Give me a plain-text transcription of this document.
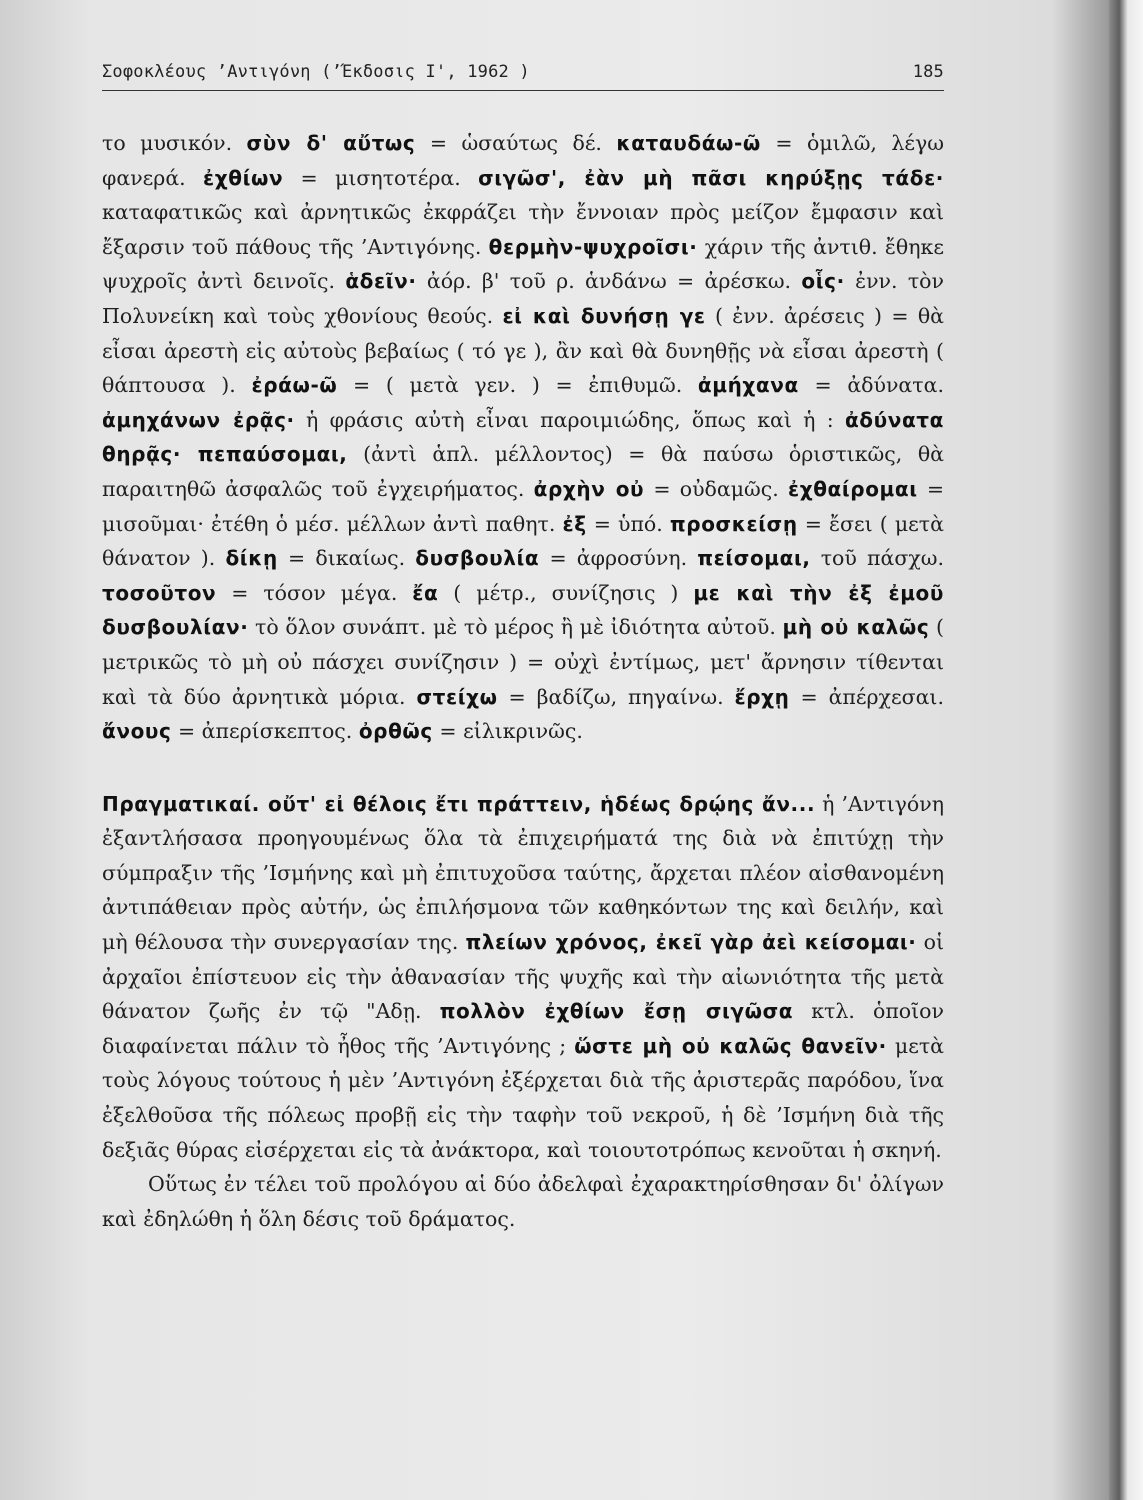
Σοφοκλέους ’Αντιγόνη (’Έκδοσις Ι', 1962 )	185

το μυσικόν. σὺν δ' αὔτως = ὡσαύτως δέ. καταυδάω-ῶ = ὁμιλῶ, λέγω φανερά. ἐχθίων = μισητοτέρα. σιγῶσ', ἐὰν μὴ πᾶσι κηρύξῃς τάδε· καταφατικῶς καὶ ἀρνητικῶς ἐκφράζει τὴν ἔννοιαν πρὸς μείζον ἔμφασιν καὶ ἔξαρσιν τοῦ πάθους τῆς ’Αντιγόνης. θερμὴν-ψυχροῖσι· χάριν τῆς ἀντιθ. ἔθηκε ψυχροῖς ἀντὶ δεινοῖς. ἁδεῖν· ἀόρ. β' τοῦ ρ. ἁνδάνω = ἀρέσκω. οἷς· ἐνν. τὸν Πολυνείκη καὶ τοὺς χθονίους θεούς. εἰ καὶ δυνήσῃ γε ( ἐνν. ἀρέσεις ) = θὰ εἶσαι ἀρεστὴ εἰς αὐτοὺς βεβαίως ( τό γε ), ἂν καὶ θὰ δυνηθῇς νὰ εἶσαι ἀρεστὴ ( θάπτουσα ). ἐράω-ῶ = ( μετὰ γεν. ) = ἐπιθυμῶ. ἀμήχανα = ἀδύνατα. ἀμηχάνων ἐρᾷς· ἡ φράσις αὐτὴ εἶναι παροιμιώδης, ὅπως καὶ ἡ : ἀδύνατα θηρᾷς· πεπαύσομαι, (ἀντὶ ἁπλ. μέλλοντος) = θὰ παύσω ὁριστικῶς, θὰ παραιτηθῶ ἀσφαλῶς τοῦ ἐγχειρήματος. ἀρχὴν οὐ = οὐδαμῶς. ἐχθαίρομαι = μισοῦμαι· ἐτέθη ὁ μέσ. μέλλων ἀντὶ παθητ. ἐξ = ὑπό. προσκείσῃ = ἔσει ( μετὰ θάνατον ). δίκῃ = δικαίως. δυσβουλία = ἀφροσύνη. πείσομαι, τοῦ πάσχω. τοσοῦτον = τόσον μέγα. ἔα ( μέτρ., συνίζησις ) με καὶ τὴν ἐξ ἐμοῦ δυσβουλίαν· τὸ ὅλον συνάπτ. μὲ τὸ μέρος ἢ μὲ ἰδιότητα αὐτοῦ. μὴ οὐ καλῶς ( μετρικῶς τὸ μὴ οὐ πάσχει συνίζησιν ) = οὐχὶ ἐντίμως, μετ' ἄρνησιν τίθενται καὶ τὰ δύο ἀρνητικὰ μόρια. στείχω = βαδίζω, πηγαίνω. ἔρχῃ = ἀπέρχεσαι. ἄνους = ἀπερίσκεπτος. ὀρθῶς = εἰλικρινῶς.

Πραγματικαί. οὔτ' εἰ θέλοις ἔτι πράττειν, ἡδέως δρῴης ἄν... ἡ ’Αντιγόνη ἐξαντλήσασα προηγουμένως ὅλα τὰ ἐπιχειρήματά της διὰ νὰ ἐπιτύχῃ τὴν σύμπραξιν τῆς ’Ισμήνης καὶ μὴ ἐπιτυχοῦσα ταύτης, ἄρχεται πλέον αἰσθανομένη ἀντιπάθειαν πρὸς αὐτήν, ὡς ἐπιλήσμονα τῶν καθηκόντων της καὶ δειλήν, καὶ μὴ θέλουσα τὴν συνεργασίαν της. πλείων χρόνος, ἐκεῖ γὰρ ἀεὶ κείσομαι· οἱ ἀρχαῖοι ἐπίστευον εἰς τὴν ἀθανασίαν τῆς ψυχῆς καὶ τὴν αἰωνιότητα τῆς μετὰ θάνατον ζωῆς ἐν τῷ "Αδῃ. πολλὸν ἐχθίων ἔσῃ σιγῶσα κτλ. ὁποῖον διαφαίνεται πάλιν τὸ ἦθος τῆς ’Αντιγόνης ; ὥστε μὴ οὐ καλῶς θανεῖν· μετὰ τοὺς λόγους τούτους ἡ μὲν ’Αντιγόνη ἐξέρχεται διὰ τῆς ἀριστερᾶς παρόδου, ἵνα ἐξελθοῦσα τῆς πόλεως προβῇ εἰς τὴν ταφὴν τοῦ νεκροῦ, ἡ δὲ ’Ισμήνη διὰ τῆς δεξιᾶς θύρας εἰσέρχεται εἰς τὰ ἀνάκτορα, καὶ τοιουτοτρόπως κενοῦται ἡ σκηνή.

Οὕτως ἐν τέλει τοῦ προλόγου αἱ δύο ἀδελφαὶ ἐχαρακτηρίσθησαν δι' ὀλίγων καὶ ἐδηλώθη ἡ ὅλη δέσις τοῦ δράματος.
